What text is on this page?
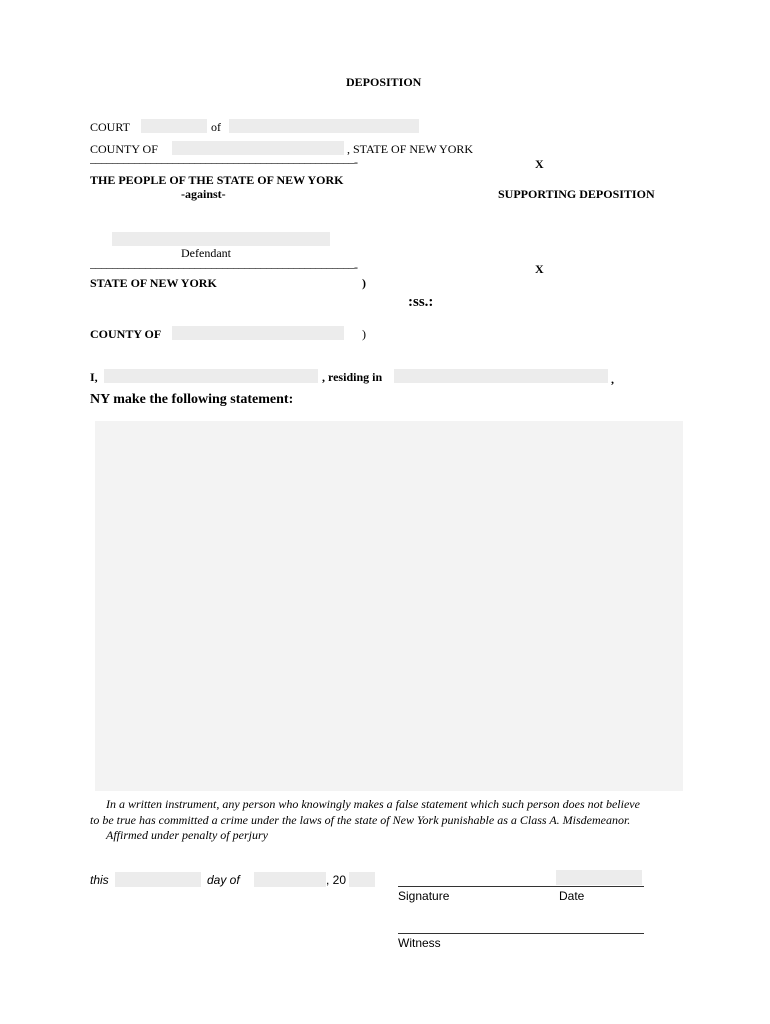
DEPOSITION
COURT	of
COUNTY OF	, STATE OF NEW YORK
––––––––––––––––––––––––––––––––––––––––––––––––-	X
THE PEOPLE OF THE STATE OF NEW YORK
-against-	SUPPORTING DEPOSITION
Defendant
––––––––––––––––––––––––––––––––––––––––––––––––-	X
STATE OF NEW YORK	)
:ss.:
COUNTY OF	)
I,	, residing in	,
NY make the following statement:
In a written instrument, any person who knowingly makes a false statement which such person does not believe
to be true has committed a crime under the laws of the state of New York punishable as a Class A. Misdemeanor.
Affirmed under penalty of perjury
this	day of	, 20
Signature	Date
Witness
